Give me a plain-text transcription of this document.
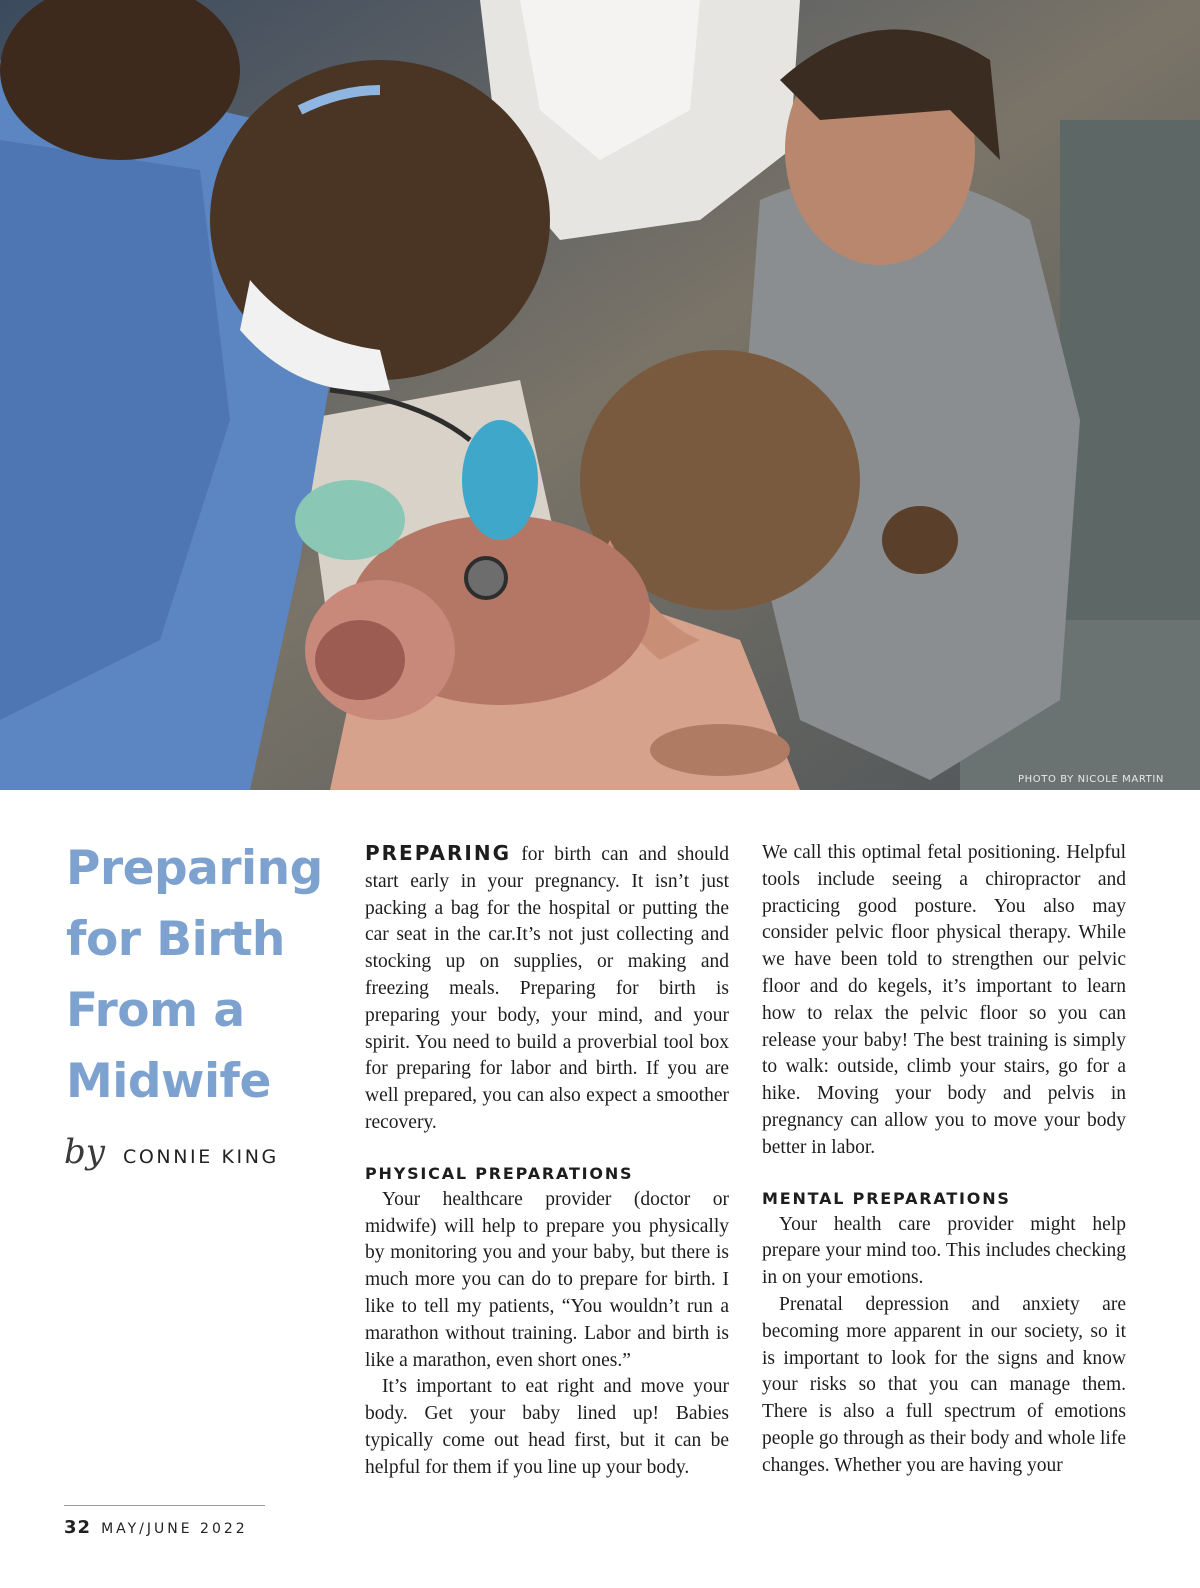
PHOTO BY NICOLE MARTIN
Preparing
for Birth
From a
Midwife
by CONNIE KING

PREPARING for birth can and should start early in your pregnancy. It isn’t just packing a bag for the hospital or putting the car seat in the car.It’s not just collecting and stocking up on supplies, or making and freezing meals. Preparing for birth is preparing your body, your mind, and your spirit. You need to build a proverbial tool box for preparing for labor and birth. If you are well prepared, you can also expect a smoother recovery.

PHYSICAL PREPARATIONS

Your healthcare provider (doctor or midwife) will help to prepare you physically by monitoring you and your baby, but there is much more you can do to prepare for birth. I like to tell my patients, “You wouldn’t run a marathon without training. Labor and birth is like a marathon, even short ones.”

It’s important to eat right and move your body. Get your baby lined up! Babies typically come out head first, but it can be helpful for them if you line up your body.

We call this optimal fetal positioning. Helpful tools include seeing a chiropractor and practicing good posture. You also may consider pelvic floor physical therapy. While we have been told to strengthen our pelvic floor and do kegels, it’s important to learn how to relax the pelvic floor so you can release your baby! The best training is simply to walk: outside, climb your stairs, go for a hike. Moving your body and pelvis in pregnancy can allow you to move your body better in labor.

MENTAL PREPARATIONS

Your health care provider might help prepare your mind too. This includes checking in on your emotions.

Prenatal depression and anxiety are becoming more apparent in our society, so it is important to look for the signs and know your risks so that you can manage them. There is also a full spectrum of emotions people go through as their body and whole life changes. Whether you are having your

32 MAY/JUNE 2022
